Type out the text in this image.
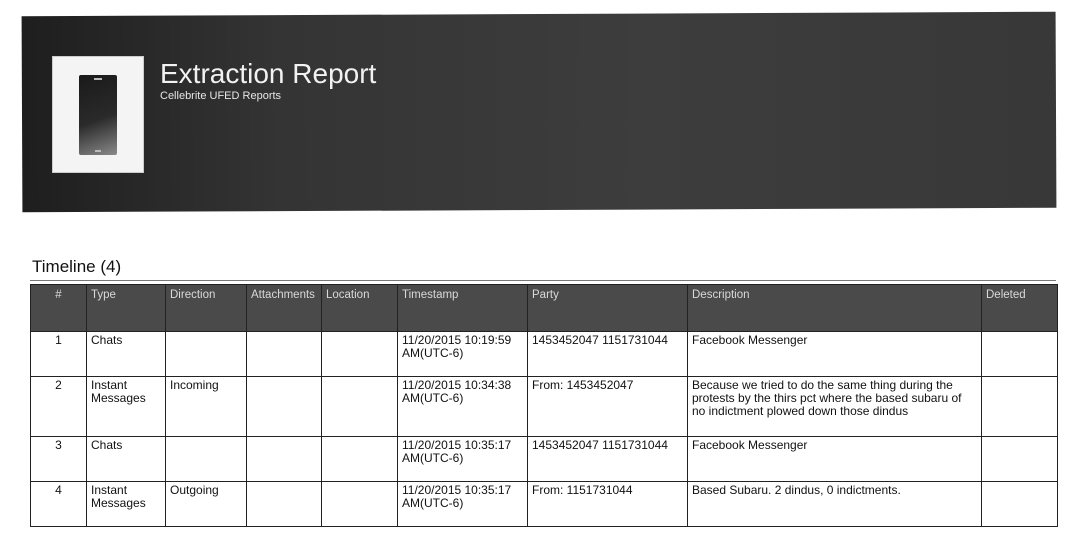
Extraction Report
Cellebrite UFED Reports
Timeline (4)
#	Type	Direction	Attachments	Location	Timestamp	Party	Description	Deleted
1	Chats				11/20/2015 10:19:59 AM(UTC-6)	1453452047 1151731044	Facebook Messenger	
2	Instant Messages	Incoming			11/20/2015 10:34:38 AM(UTC-6)	From: 1453452047	Because we tried to do the same thing during the protests by the thirs pct where the based subaru of no indictment plowed down those dindus	
3	Chats				11/20/2015 10:35:17 AM(UTC-6)	1453452047 1151731044	Facebook Messenger	
4	Instant Messages	Outgoing			11/20/2015 10:35:17 AM(UTC-6)	From: 1151731044	Based Subaru. 2 dindus, 0 indictments.	
